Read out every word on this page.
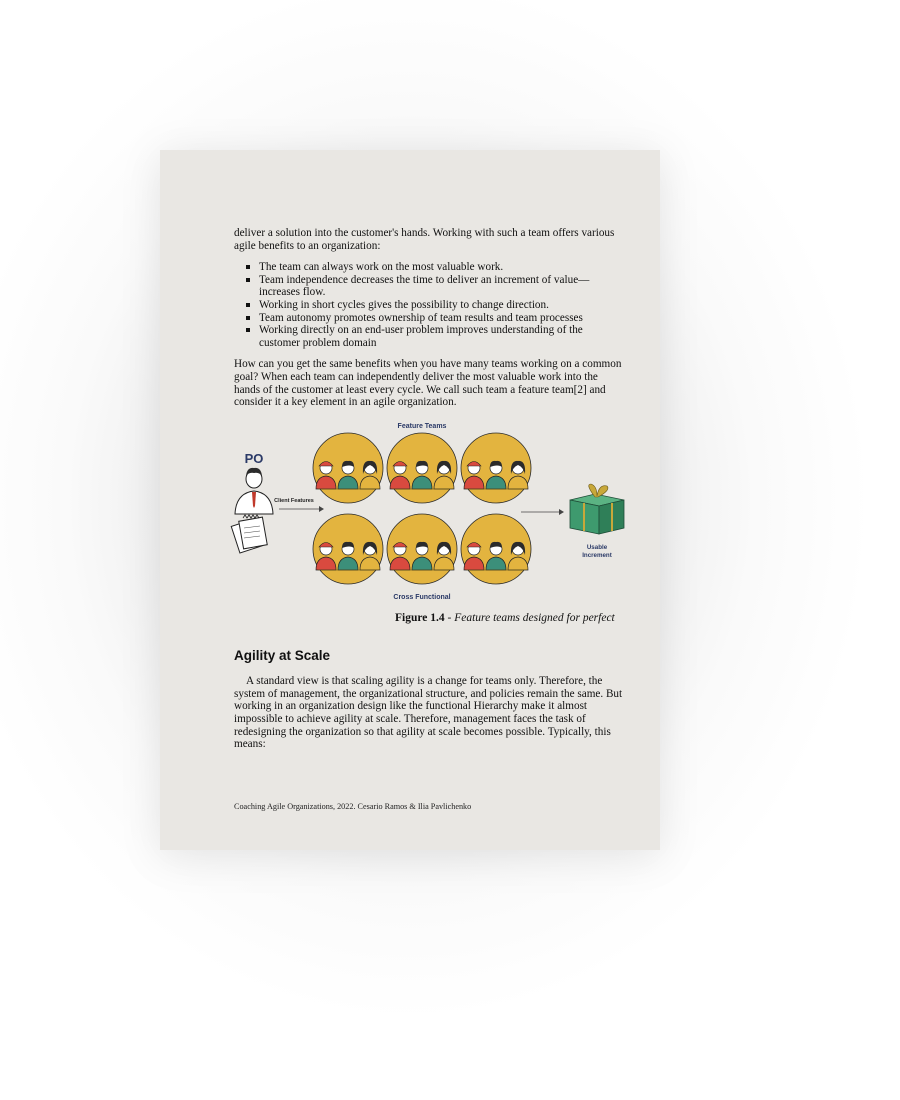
deliver a solution into the customer's hands. Working with such a team offers various agile benefits to an organization:

The team can always work on the most valuable work.
Team independence decreases the time to deliver an increment of value—increases flow.
Working in short cycles gives the possibility to change direction.
Team autonomy promotes ownership of team results and team processes
Working directly on an end-user problem improves understanding of the customer problem domain

How can you get the same benefits when you have many teams working on a common goal? When each team can independently deliver the most valuable work into the hands of the customer at least every cycle. We call such team a feature team[2] and consider it a key element in an agile organization.

Feature Teams
Cross Functional
PO
Client Features
Usable
Increment
Figure 1.4 - Feature teams designed for perfect
Agility at Scale

A standard view is that scaling agility is a change for teams only. Therefore, the system of management, the organizational structure, and policies remain the same. But working in an organization design like the functional Hierarchy make it almost impossible to achieve agility at scale. Therefore, management faces the task of redesigning the organization so that agility at scale becomes possible. Typically, this means:

Coaching Agile Organizations, 2022. Cesario Ramos & Ilia Pavlichenko
